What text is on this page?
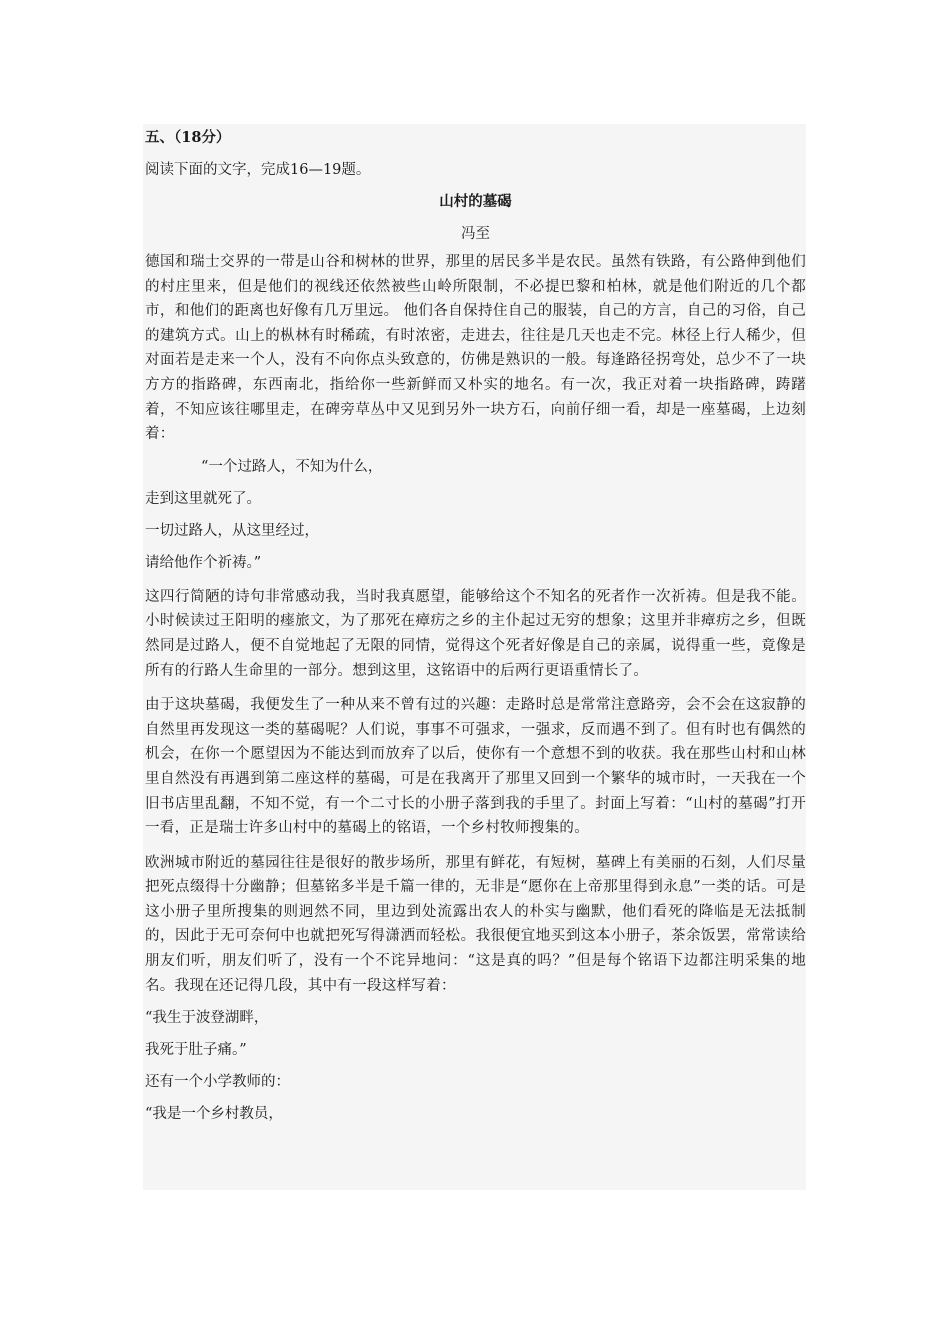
五、（18分）

阅读下面的文字，完成16—19题。

山村的墓碣

冯至

德国和瑞士交界的一带是山谷和树林的世界，那里的居民多半是农民。虽然有铁路，有公路伸到他们的村庄里来，但是他们的视线还依然被些山岭所限制，不必提巴黎和柏林，就是他们附近的几个都市，和他们的距离也好像有几万里远。 他们各自保持住自己的服装，自己的方言，自己的习俗，自己的建筑方式。山上的枞林有时稀疏，有时浓密，走进去，往往是几天也走不完。林径上行人稀少，但对面若是走来一个人，没有不向你点头致意的，仿佛是熟识的一般。每逢路径拐弯处，总少不了一块方方的指路碑，东西南北，指给你一些新鲜而又朴实的地名。有一次，我正对着一块指路碑，踌躇着，不知应该往哪里走，在碑旁草丛中又见到另外一块方石，向前仔细一看，却是一座墓碣，上边刻着：

“一个过路人，不知为什么，

走到这里就死了。

一切过路人，从这里经过，

请给他作个祈祷。”

这四行简陋的诗句非常感动我，当时我真愿望，能够给这个不知名的死者作一次祈祷。但是我不能。小时候读过王阳明的瘗旅文，为了那死在瘴疠之乡的主仆起过无穷的想象；这里并非瘴疠之乡，但既然同是过路人，便不自觉地起了无限的同情，觉得这个死者好像是自己的亲属，说得重一些，竟像是所有的行路人生命里的一部分。想到这里，这铭语中的后两行更语重情长了。

由于这块墓碣，我便发生了一种从来不曾有过的兴趣：走路时总是常常注意路旁，会不会在这寂静的自然里再发现这一类的墓碣呢？人们说，事事不可强求，一强求，反而遇不到了。但有时也有偶然的机会，在你一个愿望因为不能达到而放弃了以后，使你有一个意想不到的收获。我在那些山村和山林里自然没有再遇到第二座这样的墓碣，可是在我离开了那里又回到一个繁华的城市时，一天我在一个旧书店里乱翻，不知不觉，有一个二寸长的小册子落到我的手里了。封面上写着：“山村的墓碣”打开一看，正是瑞士许多山村中的墓碣上的铭语，一个乡村牧师搜集的。

欧洲城市附近的墓园往往是很好的散步场所，那里有鲜花，有短树，墓碑上有美丽的石刻，人们尽量把死点缀得十分幽静；但墓铭多半是千篇一律的，无非是“愿你在上帝那里得到永息”一类的话。可是这小册子里所搜集的则迥然不同，里边到处流露出农人的朴实与幽默，他们看死的降临是无法抵制的，因此于无可奈何中也就把死写得潇洒而轻松。我很便宜地买到这本小册子，茶余饭罢，常常读给朋友们听，朋友们听了，没有一个不诧异地问：“这是真的吗？”但是每个铭语下边都注明采集的地名。我现在还记得几段，其中有一段这样写着：

“我生于波登湖畔，

我死于肚子痛。”

还有一个小学教师的：

“我是一个乡村教员，
